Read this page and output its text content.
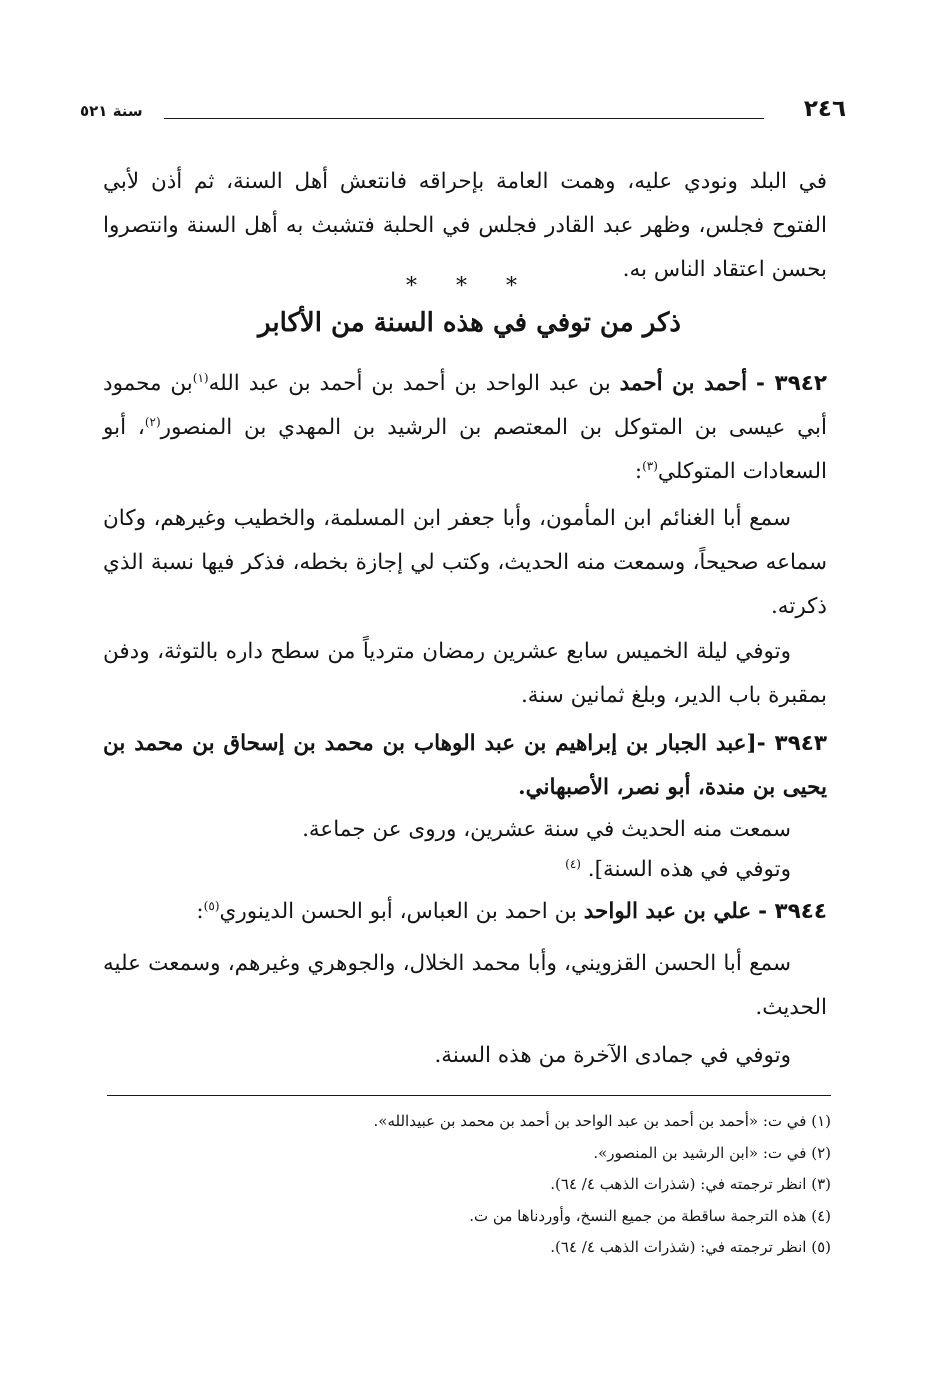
٢٤٦
سنة ٥٢١

في البلد ونودي عليه، وهمت العامة بإحراقه فانتعش أهل السنة، ثم أذن لأبي الفتوح فجلس، وظهر عبد القادر فجلس في الحلبة فتشبث به أهل السنة وانتصروا بحسن اعتقاد الناس به.

* * *
ذكر من توفي في هذه السنة من الأكابر

٣٩٤٢ - أحمد بن أحمد بن عبد الواحد بن أحمد بن أحمد بن عبد الله$^{(١)}$بن محمود أبي عيسى بن المتوكل بن المعتصم بن الرشيد بن المهدي بن المنصور$^{(٢)}$، أبو السعادات المتوكلي$^{(٣)}$:

سمع أبا الغنائم ابن المأمون، وأبا جعفر ابن المسلمة، والخطيب وغيرهم، وكان سماعه صحيحاً، وسمعت منه الحديث، وكتب لي إجازة بخطه، فذكر فيها نسبة الذي ذكرته.

وتوفي ليلة الخميس سابع عشرين رمضان متردياً من سطح داره بالتوثة، ودفن بمقبرة باب الدير، وبلغ ثمانين سنة.

٣٩٤٣ -[عبد الجبار بن إبراهيم بن عبد الوهاب بن محمد بن إسحاق بن محمد بن يحيى بن مندة، أبو نصر، الأصبهاني.

سمعت منه الحديث في سنة عشرين، وروى عن جماعة.

وتوفي في هذه السنة]. $^{(٤)}$

٣٩٤٤ - علي بن عبد الواحد بن احمد بن العباس، أبو الحسن الدينوري$^{(٥)}$:

سمع أبا الحسن القزويني، وأبا محمد الخلال، والجوهري وغيرهم، وسمعت عليه الحديث.

وتوفي في جمادى الآخرة من هذه السنة.

(١) في ت: «أحمد بن أحمد بن عبد الواحد بن أحمد بن محمد بن عبيدالله».
(٢) في ت: «ابن الرشيد بن المنصور».
(٣) انظر ترجمته في: (شذرات الذهب ٤/ ٦٤).
(٤) هذه الترجمة ساقطة من جميع النسخ، وأوردناها من ت.
(٥) انظر ترجمته في: (شذرات الذهب ٤/ ٦٤).
